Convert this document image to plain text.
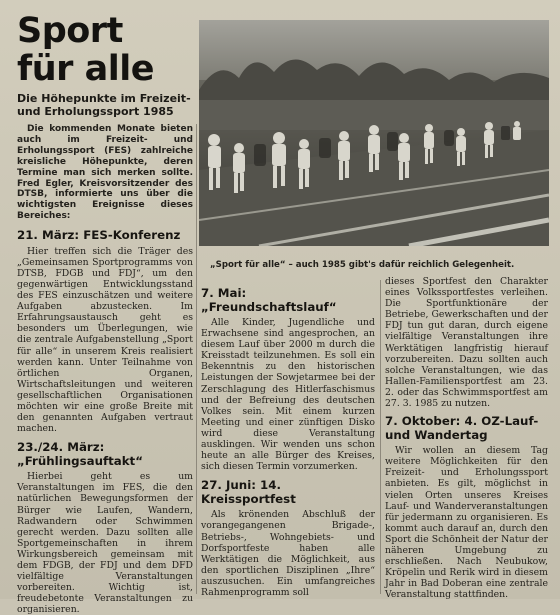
Sport
für alle
Die Höhepunkte im Freizeit- und Erholungssport 1985

Die kommenden Monate bieten auch im Freizeit- und Erholungssport (FES) zahlreiche kreisliche Höhepunkte, deren Termine man sich merken sollte. Fred Egler, Kreisvorsitzender des DTSB, informierte uns über die wichtigsten Ereignisse dieses Bereiches:

21. März: FES-Konferenz

Hier treffen sich die Träger des „Gemeinsamen Sportprogramms von DTSB, FDGB und FDJ“, um den gegenwärtigen Entwicklungsstand des FES einzuschätzen und weitere Aufgaben abzustecken. Im Erfahrungsaustausch geht es besonders um Überlegungen, wie die zentrale Aufgabenstellung „Sport für alle“ in unserem Kreis realisiert werden kann. Unter Teilnahme von örtlichen Organen, Wirtschaftsleitungen und weiteren gesellschaftlichen Organisationen möchten wir eine große Breite mit den genannten Aufgaben vertraut machen.

23./24. März: „Frühlingsauftakt“

Hierbei geht es um Veranstaltungen im FES, die den natürlichen Bewegungsformen der Bürger wie Laufen, Wandern, Radwandern oder Schwimmen gerecht werden. Dazu sollten alle Sportgemeinschaften in ihrem Wirkungsbereich gemeinsam mit dem FDGB, der FDJ und dem DFD vielfältige Veranstaltungen vorbereiten. Wichtig ist, freudebetonte Veranstaltungen zu organisieren.

„Sport für alle“ – auch 1985 gibt's dafür reichlich Gelegenheit.

7. Mai: „Freundschaftslauf“

Alle Kinder, Jugendliche und Erwachsene sind angesprochen, an diesem Lauf über 2000 m durch die Kreisstadt teilzunehmen. Es soll ein Bekenntnis zu den historischen Leistungen der Sowjetarmee bei der Zerschlagung des Hitlerfaschismus und der Befreiung des deutschen Volkes sein. Mit einem kurzen Meeting und einer zünftigen Disko wird diese Veranstaltung ausklingen. Wir wenden uns schon heute an alle Bürger des Kreises, sich diesen Termin vorzumerken.

27. Juni: 14. Kreissportfest

Als krönenden Abschluß der vorangegangenen Brigade-, Betriebs-, Wohngebiets- und Dorfsportfeste haben alle Werktätigen die Möglichkeit, aus den sportlichen Disziplinen „Ihre“ auszusuchen. Ein umfangreiches Rahmenprogramm soll

dieses Sportfest den Charakter eines Volkssportfestes verleihen. Die Sportfunktionäre der Betriebe, Gewerkschaften und der FDJ tun gut daran, durch eigene vielfältige Veranstaltungen ihre Werktätigen langfristig hierauf vorzubereiten. Dazu sollten auch solche Veranstaltungen, wie das Hallen-Familiensportfest am 23. 2. oder das Schwimmsportfest am 27. 3. 1985 zu nutzen.

7. Oktober: 4. OZ-Lauf- und Wandertag

Wir wollen an diesem Tag weitere Möglichkeiten für den Freizeit- und Erholungssport anbieten. Es gilt, möglichst in vielen Orten unseres Kreises Lauf- und Wanderveranstaltungen für jedermann zu organisieren. Es kommt auch darauf an, durch den Sport die Schönheit der Natur der näheren Umgebung zu erschließen. Nach Neubukow, Kröpelin und Rerik wird in diesem Jahr in Bad Doberan eine zentrale Veranstaltung stattfinden.
